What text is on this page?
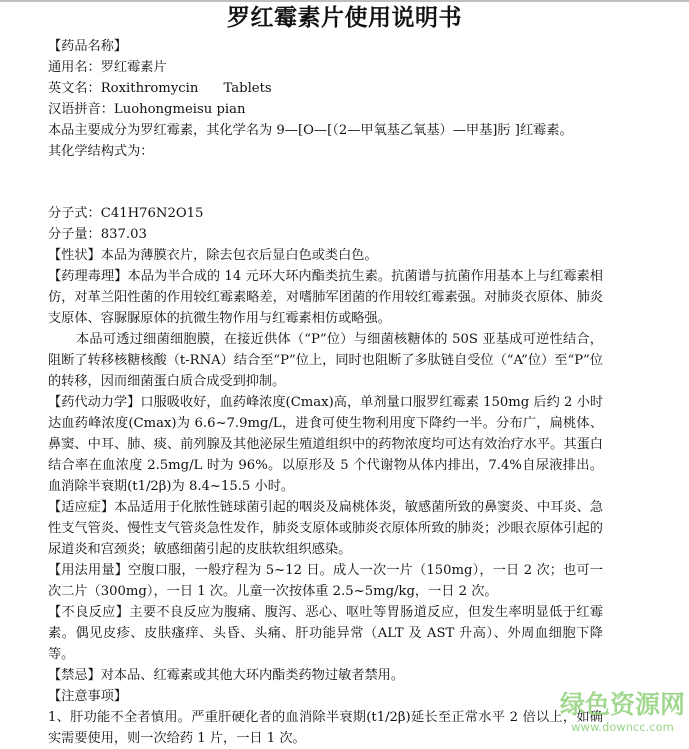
罗红霉素片使用说明书
【药品名称】
通用名：罗红霉素片
英文名：Roxithromycin      Tablets
汉语拼音：Luohongmeisu pian
本品主要成分为罗红霉素，其化学名为 9—[O—[（2—甲氧基乙氧基）—甲基]肟 ]红霉素。
其化学结构式为：
分子式：C41H76N2O15
分子量：837.03
【性状】本品为薄膜衣片，除去包衣后显白色或类白色。
【药理毒理】本品为半合成的 14 元环大环内酯类抗生素。抗菌谱与抗菌作用基本上与红霉素相仿，对革兰阳性菌的作用较红霉素略差，对嗜肺军团菌的作用较红霉素强。对肺炎衣原体、肺炎支原体、容脲脲原体的抗微生物作用与红霉素相仿或略强。
本品可透过细菌细胞膜，在接近供体（“P”位）与细菌核糖体的 50S 亚基成可逆性结合，阻断了转移核糖核酸（t-RNA）结合至“P”位上，同时也阻断了多肽链自受位（“A”位）至“P”位的转移，因而细菌蛋白质合成受到抑制。
【药代动力学】口服吸收好，血药峰浓度(Cmax)高，单剂量口服罗红霉素 150mg 后约 2 小时达血药峰浓度(Cmax)为 6.6~7.9mg/L，进食可使生物利用度下降约一半。分布广，扁桃体、鼻窦、中耳、肺、痰、前列腺及其他泌尿生殖道组织中的药物浓度均可达有效治疗水平。其蛋白结合率在血浓度 2.5mg/L 时为 96%。以原形及 5 个代谢物从体内排出，7.4%自尿液排出。血消除半衰期(t1/2β)为 8.4~15.5 小时。
【适应症】本品适用于化脓性链球菌引起的咽炎及扁桃体炎，敏感菌所致的鼻窦炎、中耳炎、急性支气管炎、慢性支气管炎急性发作，肺炎支原体或肺炎衣原体所致的肺炎；沙眼衣原体引起的尿道炎和宫颈炎；敏感细菌引起的皮肤软组织感染。
【用法用量】空腹口服，一般疗程为 5~12 日。成人一次一片（150mg），一日 2 次；也可一次二片（300mg），一日 1 次。儿童一次按体重 2.5~5mg/kg，一日 2 次。
【不良反应】主要不良反应为腹痛、腹泻、恶心、呕吐等胃肠道反应，但发生率明显低于红霉素。偶见皮疹、皮肤瘙痒、头昏、头痛、肝功能异常（ALT 及 AST 升高）、外周血细胞下降等。
【禁忌】对本品、红霉素或其他大环内酯类药物过敏者禁用。
【注意事项】
1、肝功能不全者慎用。严重肝硬化者的血消除半衰期(t1/2β)延长至正常水平 2 倍以上，如确实需要使用，则一次给药 1 片，一日 1 次。
绿色资源网
www.downcc.com
